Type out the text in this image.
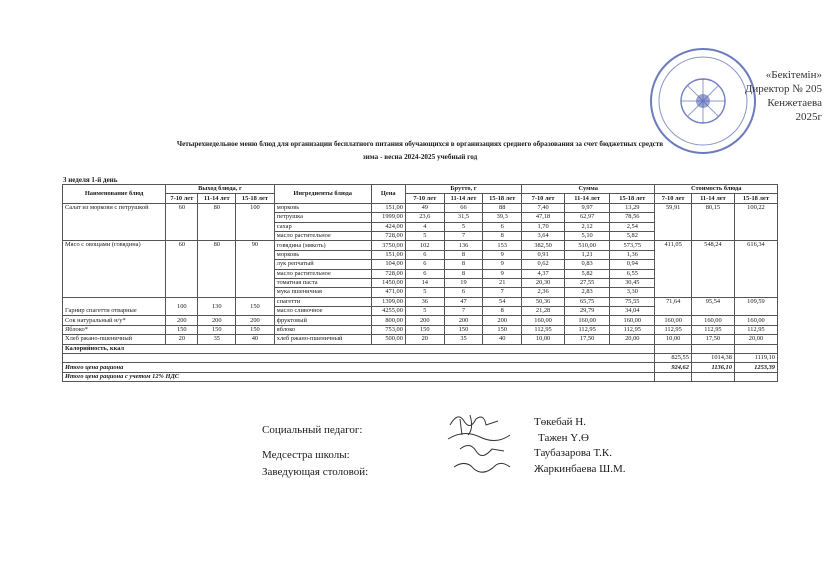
«Бекітемін»
Директор № 205
Кенжетаева
2025г
Четырехнедельное меню блюд для организации бесплатного питания обучающихся в организациях среднего образования за счет бюджетных средств
зима - весна 2024-2025 учебный год
3 неделя 1-й день
Наименование блюд	Выход блюда, г			Ингредиенты блюда	Цена	Брутто, г			Сумма			Стоимость блюда		
	7-10 лет	11-14 лет	15-18 лет			7-10 лет	11-14 лет	15-18 лет	7-10 лет	11-14 лет	15-18 лет	7-10 лет	11-14 лет	15-18 лет
Салат из моркови с петрушкой	60	80	100	морковь	151,00	49	66	88	7,40	9,97	13,29	59,91	80,15	100,22
				петрушка	1999,00	23,6	31,5	39,3	47,18	62,97	78,56			
				сахар	424,00	4	5	6	1,70	2,12	2,54			
				масло растительное	728,00	5	7	8	3,64	5,10	5,82			
Мясо с овощами (говядина)	60	80	90	говядина (мякоть)	3750,00	102	136	153	382,50	510,00	573,75	411,05	548,24	616,34
				морковь	151,00	6	8	9	0,91	1,21	1,36			
				лук репчатый	104,00	6	8	9	0,62	0,83	0,94			
				масло растительное	728,00	6	8	9	4,37	5,82	6,55			
				томатная паста	1450,00	14	19	21	20,30	27,55	30,45			
				мука пшеничная	471,00	5	6	7	2,36	2,83	3,30			
Гарнир спагетти отварные	100	130	150	спагетти	1399,00	36	47	54	50,36	65,75	75,55	71,64	95,54	109,59
				масло сливочное	4255,00	5	7	8	21,28	29,79	34,04			
Сок натуральный н/у*	200	200	200	фруктовый	800,00	200	200	200	160,00	160,00	160,00	160,00	160,00	160,00
Яблоко*	150	150	150	яблоко	753,00	150	150	150	112,95	112,95	112,95	112,95	112,95	112,95
Хлеб ржано-пшеничный	20	35	40	хлеб ржано-пшеничный	500,00	20	35	40	10,00	17,50	20,00	10,00	17,50	20,00
Калорийность, ккал														
												825,55	1014,38	1119,10
Итого цена рациона												924,62	1136,10	1253,39
Итого цена рациона с учетом 12% НДС														
Социальный педагог:
Төкебай Н.
Тажен Ү.Ө
Медсестра школы:	Таубазарова Т.К.
Заведующая столовой:	Жаркинбаева Ш.М.
